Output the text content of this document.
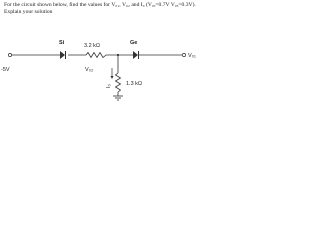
For the circuit shown below, find the values for V₀₁, V₀₂ and I₀ (V₀ₐ=0.7V V₀ₓ=0.3V).
Explain your solution
Si	3.2 kΩ	Ge
-5V	V₀₂
V₀₁
I₀	1.3 kΩ
